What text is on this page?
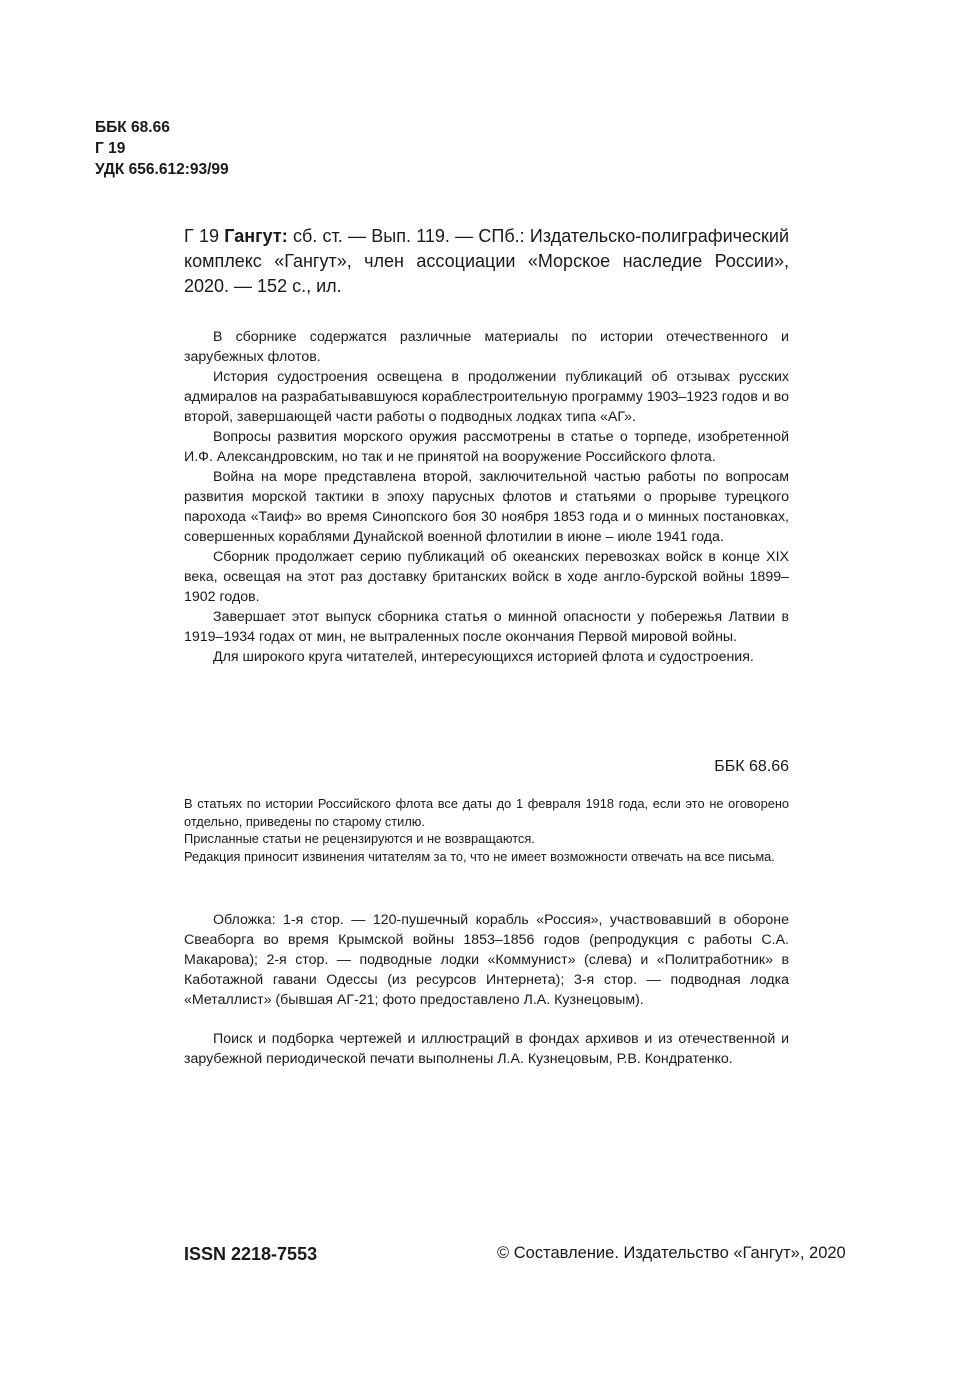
ББК 68.66
Г 19
УДК 656.612:93/99
Г 19 Гангут: сб. ст. — Вып. 119. — СПб.: Издательско-полиграфический комплекс «Гангут», член ассоциации «Морское наследие России», 2020. — 152 с., ил.

В сборнике содержатся различные материалы по истории отечественного и зарубежных флотов.

История судостроения освещена в продолжении публикаций об отзывах русских адмиралов на разрабатывавшуюся кораблестроительную программу 1903–1923 годов и во второй, завершающей части работы о подводных лодках типа «АГ».

Вопросы развития морского оружия рассмотрены в статье о торпеде, изобретенной И.Ф. Александровским, но так и не принятой на вооружение Российского флота.

Война на море представлена второй, заключительной частью работы по вопросам развития морской тактики в эпоху парусных флотов и статьями о прорыве турецкого парохода «Таиф» во время Синопского боя 30 ноября 1853 года и о минных постановках, совершенных кораблями Дунайской военной флотилии в июне – июле 1941 года.

Сборник продолжает серию публикаций об океанских перевозках войск в конце XIX века, освещая на этот раз доставку британских войск в ходе англо-бурской войны 1899–1902 годов.

Завершает этот выпуск сборника статья о минной опасности у побережья Латвии в 1919–1934 годах от мин, не вытраленных после окончания Первой мировой войны.

Для широкого круга читателей, интересующихся историей флота и судостроения.

ББК 68.66

В статьях по истории Российского флота все даты до 1 февраля 1918 года, если это не оговорено отдельно, приведены по старому стилю.

Присланные статьи не рецензируются и не возвращаются.

Редакция приносит извинения читателям за то, что не имеет возможности отвечать на все письма.

Обложка: 1-я стор. — 120-пушечный корабль «Россия», участвовавший в обороне Свеаборга во время Крымской войны 1853–1856 годов (репродукция с работы С.А. Макарова); 2-я стор. — подводные лодки «Коммунист» (слева) и «Политработник» в Каботажной гавани Одессы (из ресурсов Интернета); 3-я стор. — подводная лодка «Металлист» (бывшая АГ-21; фото предоставлено Л.А. Кузнецовым).

Поиск и подборка чертежей и иллюстраций в фондах архивов и из отечественной и зарубежной периодической печати выполнены Л.А. Кузнецовым, Р.В. Кондратенко.

ISSN 2218-7553	© Составление. Издательство «Гангут», 2020
